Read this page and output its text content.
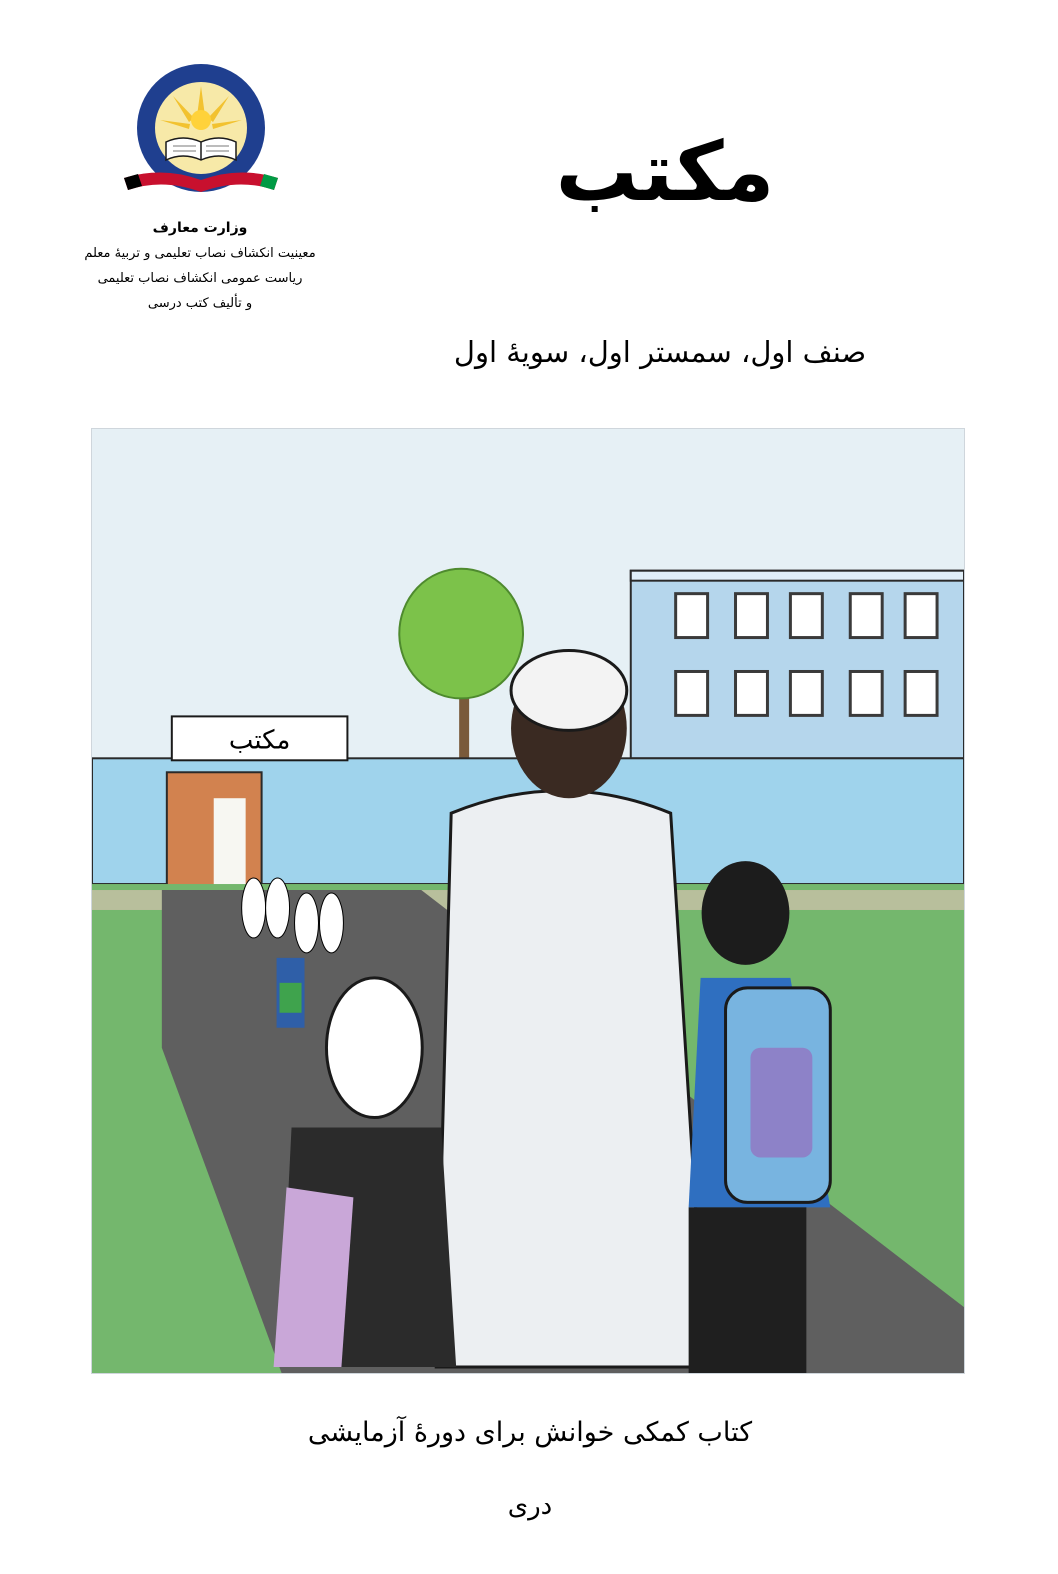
وزارت معارف
معینیت انکشاف نصاب تعلیمی و تربیهٔ معلم
ریاست عمومی انکشاف نصاب تعلیمی
و تألیف کتب درسی
مکتب
صنف اول، سمستر اول، سویهٔ اول
مکتب
کتاب کمکی خوانش برای دورهٔ آزمایشی
دری
